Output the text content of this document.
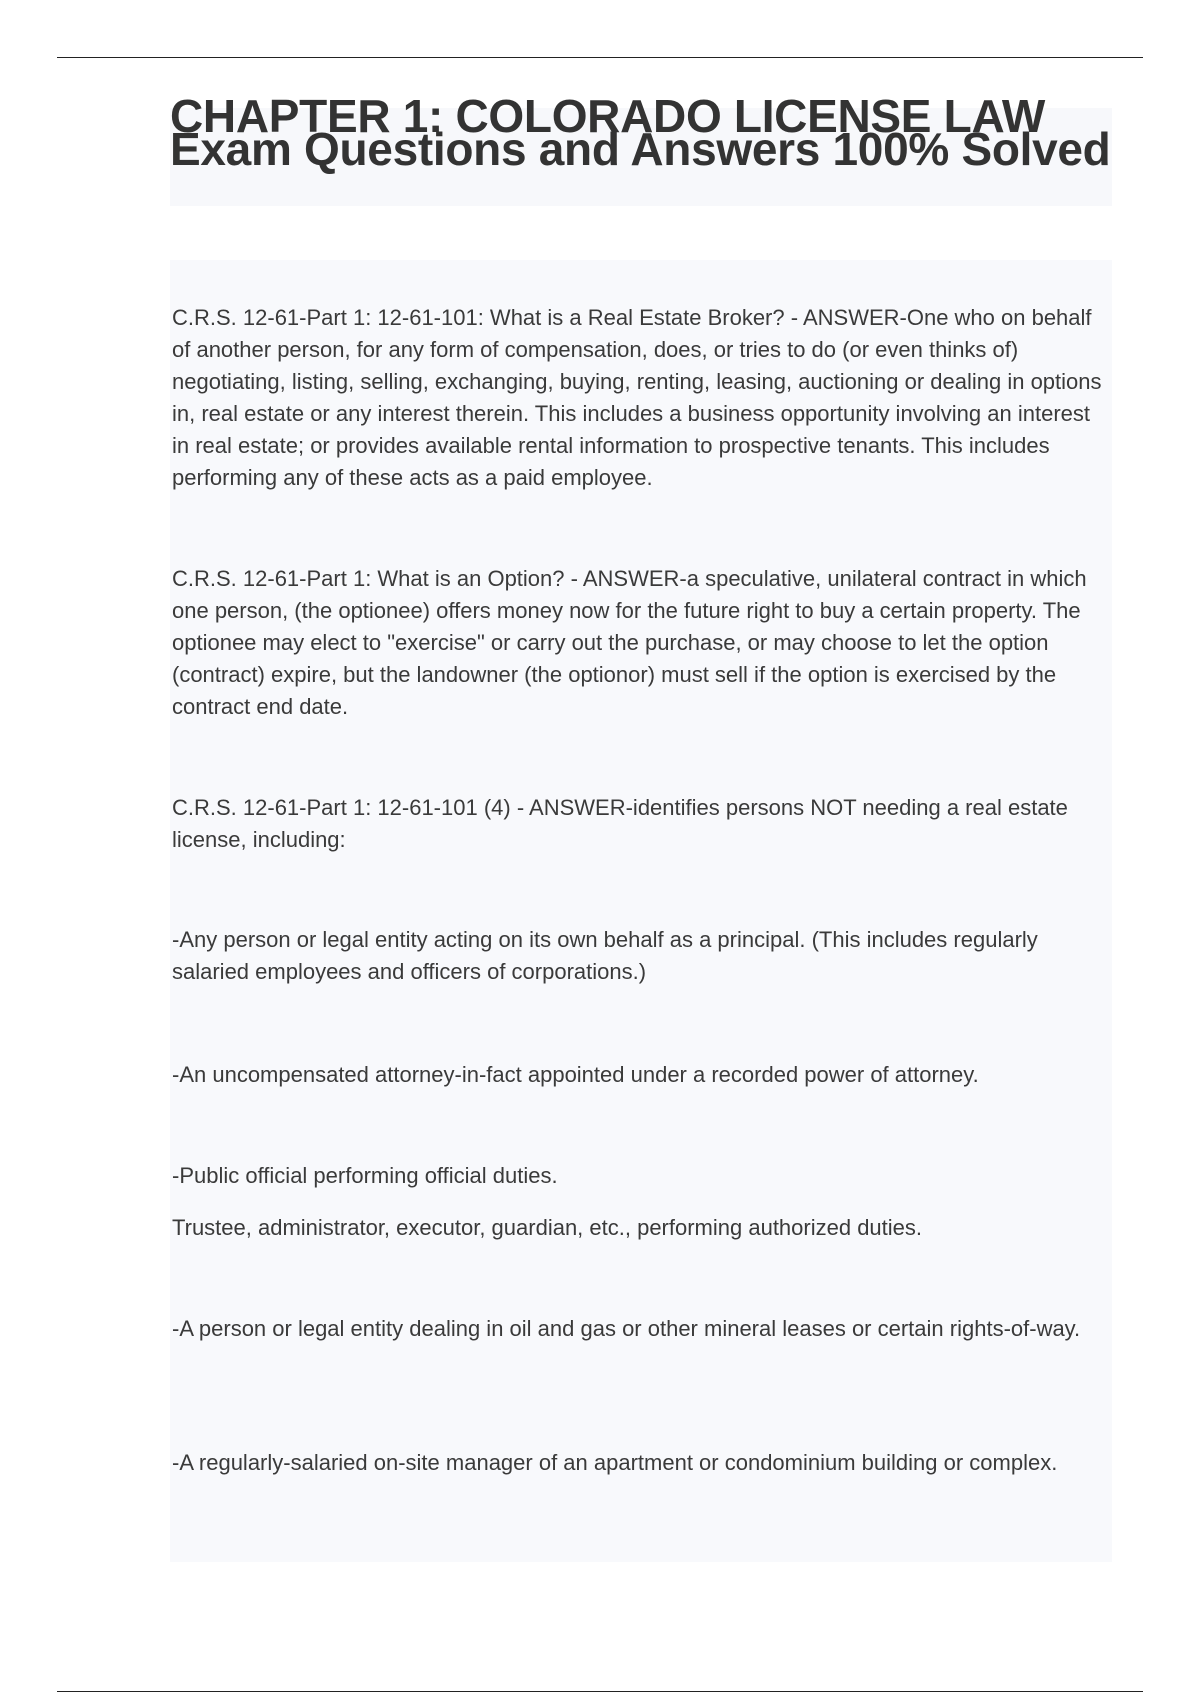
CHAPTER 1: COLORADO LICENSE LAW Exam Questions and Answers 100% Solved

C.R.S. 12-61-Part 1: 12-61-101: What is a Real Estate Broker? - ANSWER-One who on behalf of another person, for any form of compensation, does, or tries to do (or even thinks of) negotiating, listing, selling, exchanging, buying, renting, leasing, auctioning or dealing in options in, real estate or any interest therein. This includes a business opportunity involving an interest in real estate; or provides available rental information to prospective tenants. This includes performing any of these acts as a paid employee.

C.R.S. 12-61-Part 1: What is an Option? - ANSWER-a speculative, unilateral contract in which one person, (the optionee) offers money now for the future right to buy a certain property. The optionee may elect to "exercise" or carry out the purchase, or may choose to let the option (contract) expire, but the landowner (the optionor) must sell if the option is exercised by the contract end date.

C.R.S. 12-61-Part 1: 12-61-101 (4) - ANSWER-identifies persons NOT needing a real estate license, including:

-Any person or legal entity acting on its own behalf as a principal. (This includes regularly salaried employees and officers of corporations.)

-An uncompensated attorney-in-fact appointed under a recorded power of attorney.

-Public official performing official duties.

Trustee, administrator, executor, guardian, etc., performing authorized duties.

-A person or legal entity dealing in oil and gas or other mineral leases or certain rights-of-way.

-A regularly-salaried on-site manager of an apartment or condominium building or complex.
